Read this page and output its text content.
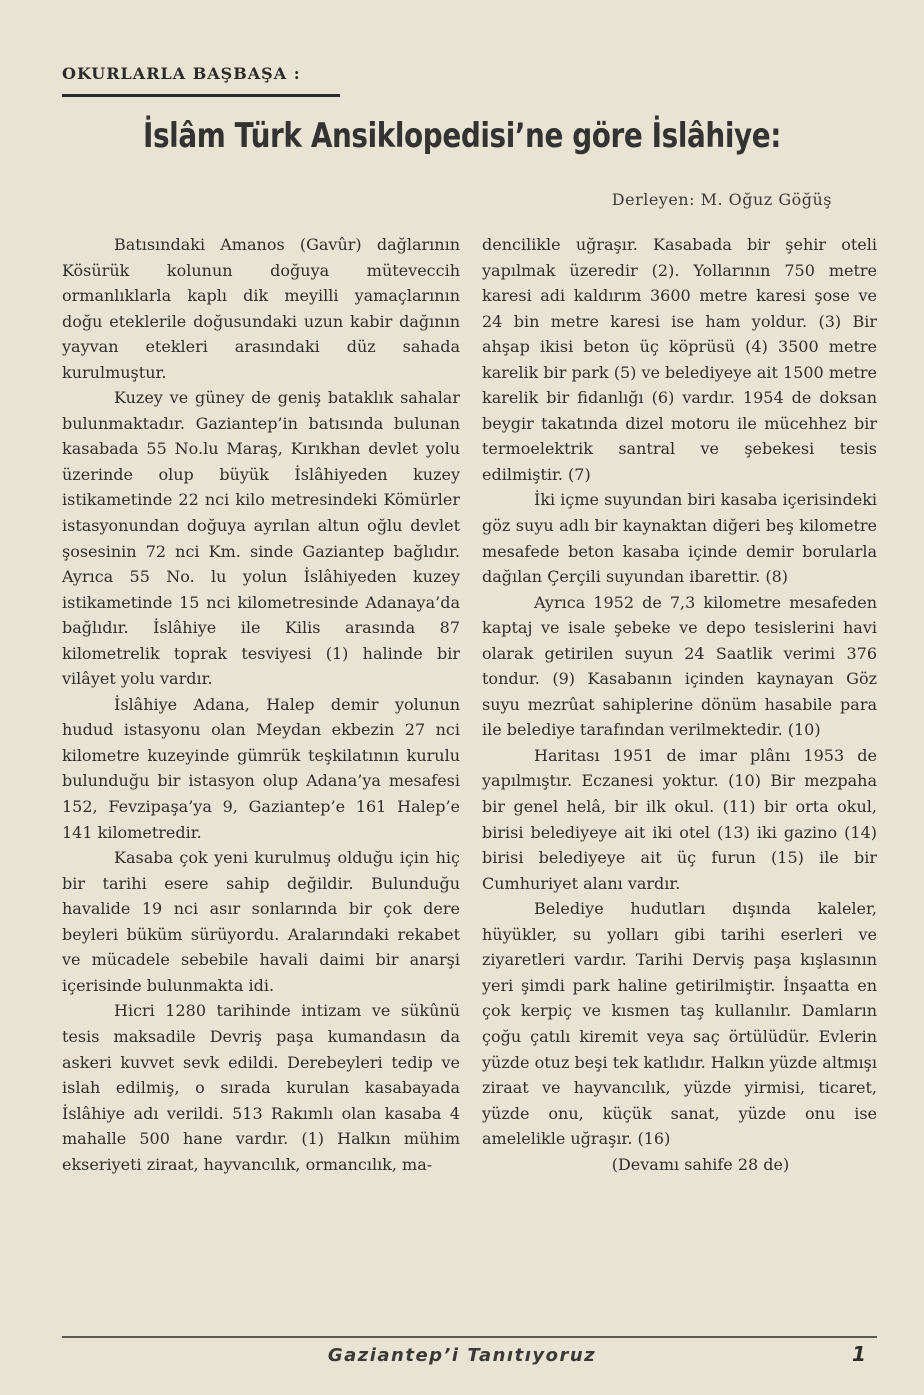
OKURLARLA BAŞBAŞA :
İslâm Türk Ansiklopedisi’ne göre İslâhiye:
Derleyen: M. Oğuz Göğüş

Batısındaki Amanos (Gavûr) dağlarının Kösürük kolunun doğuya müteveccih ormanlıklarla kaplı dik meyilli yamaçlarının doğu eteklerile doğusundaki uzun kabir dağının yayvan etekleri arasındaki düz sahada kurulmuştur.

Kuzey ve güney de geniş bataklık sahalar bulunmaktadır. Gaziantep’in batısında bulunan kasabada 55 No.lu Maraş, Kırıkhan devlet yolu üzerinde olup büyük İslâhiyeden kuzey istikametinde 22 nci kilo metresindeki Kömürler istasyonundan doğuya ayrılan altun oğlu devlet şosesinin 72 nci Km. sinde Gaziantep bağlıdır. Ayrıca 55 No. lu yolun İslâhiyeden kuzey istikametinde 15 nci kilometresinde Adanaya’da bağlıdır. İslâhiye ile Kilis arasında 87 kilometrelik toprak tesviyesi (1) halinde bir vilâyet yolu vardır.

İslâhiye Adana, Halep demir yolunun hudud istasyonu olan Meydan ekbezin 27 nci kilometre kuzeyinde gümrük teşkilatının kurulu bulunduğu bir istasyon olup Adana’ya mesafesi 152, Fevzipaşa’ya 9, Gaziantep’e 161 Halep’e 141 kilometredir.

Kasaba çok yeni kurulmuş olduğu için hiç bir tarihi esere sahip değildir. Bulunduğu havalide 19 nci asır sonlarında bir çok dere beyleri büküm sürüyordu. Aralarındaki rekabet ve mücadele sebebile havali daimi bir anarşi içerisinde bulunmakta idi.

Hicri 1280 tarihinde intizam ve sükûnü tesis maksadile Devriş paşa kumandasın da askeri kuvvet sevk edildi. Derebeyleri tedip ve islah edilmiş, o sırada kurulan kasabayada İslâhiye adı verildi. 513 Rakımlı olan kasaba 4 mahalle 500 hane vardır. (1) Halkın mühim ekseriyeti ziraat, hayvancılık, ormancılık, ma-

dencilikle uğraşır. Kasabada bir şehir oteli yapılmak üzeredir (2). Yollarının 750 metre karesi adi kaldırım 3600 metre karesi şose ve 24 bin metre karesi ise ham yoldur. (3) Bir ahşap ikisi beton üç köprüsü (4) 3500 metre karelik bir park (5) ve belediyeye ait 1500 metre karelik bir fidanlığı (6) vardır. 1954 de doksan beygir takatında dizel motoru ile mücehhez bir termoelektrik santral ve şebekesi tesis edilmiştir. (7)

İki içme suyundan biri kasaba içerisindeki göz suyu adlı bir kaynaktan diğeri beş kilometre mesafede beton kasaba içinde demir borularla dağılan Çerçili suyundan ibarettir. (8)

Ayrıca 1952 de 7,3 kilometre mesafeden kaptaj ve isale şebeke ve depo tesislerini havi olarak getirilen suyun 24 Saatlik verimi 376 tondur. (9) Kasabanın içinden kaynayan Göz suyu mezrûat sahiplerine dönüm hasabile para ile belediye tarafından verilmektedir. (10)

Haritası 1951 de imar plânı 1953 de yapılmıştır. Eczanesi yoktur. (10) Bir mezpaha bir genel helâ, bir ilk okul. (11) bir orta okul, birisi belediyeye ait iki otel (13) iki gazino (14) birisi belediyeye ait üç furun (15) ile bir Cumhuriyet alanı vardır.

Belediye hudutları dışında kaleler, hüyükler, su yolları gibi tarihi eserleri ve ziyaretleri vardır. Tarihi Derviş paşa kışlasının yeri şimdi park haline getirilmiştir. İnşaatta en çok kerpiç ve kısmen taş kullanılır. Damların çoğu çatılı kiremit veya saç örtülüdür. Evlerin yüzde otuz beşi tek katlıdır. Halkın yüzde altmışı ziraat ve hayvancılık, yüzde yirmisi, ticaret, yüzde onu, küçük sanat, yüzde onu ise amelelikle uğraşır. (16)

(Devamı sahife 28 de)

Gaziantep’i Tanıtıyoruz	1
